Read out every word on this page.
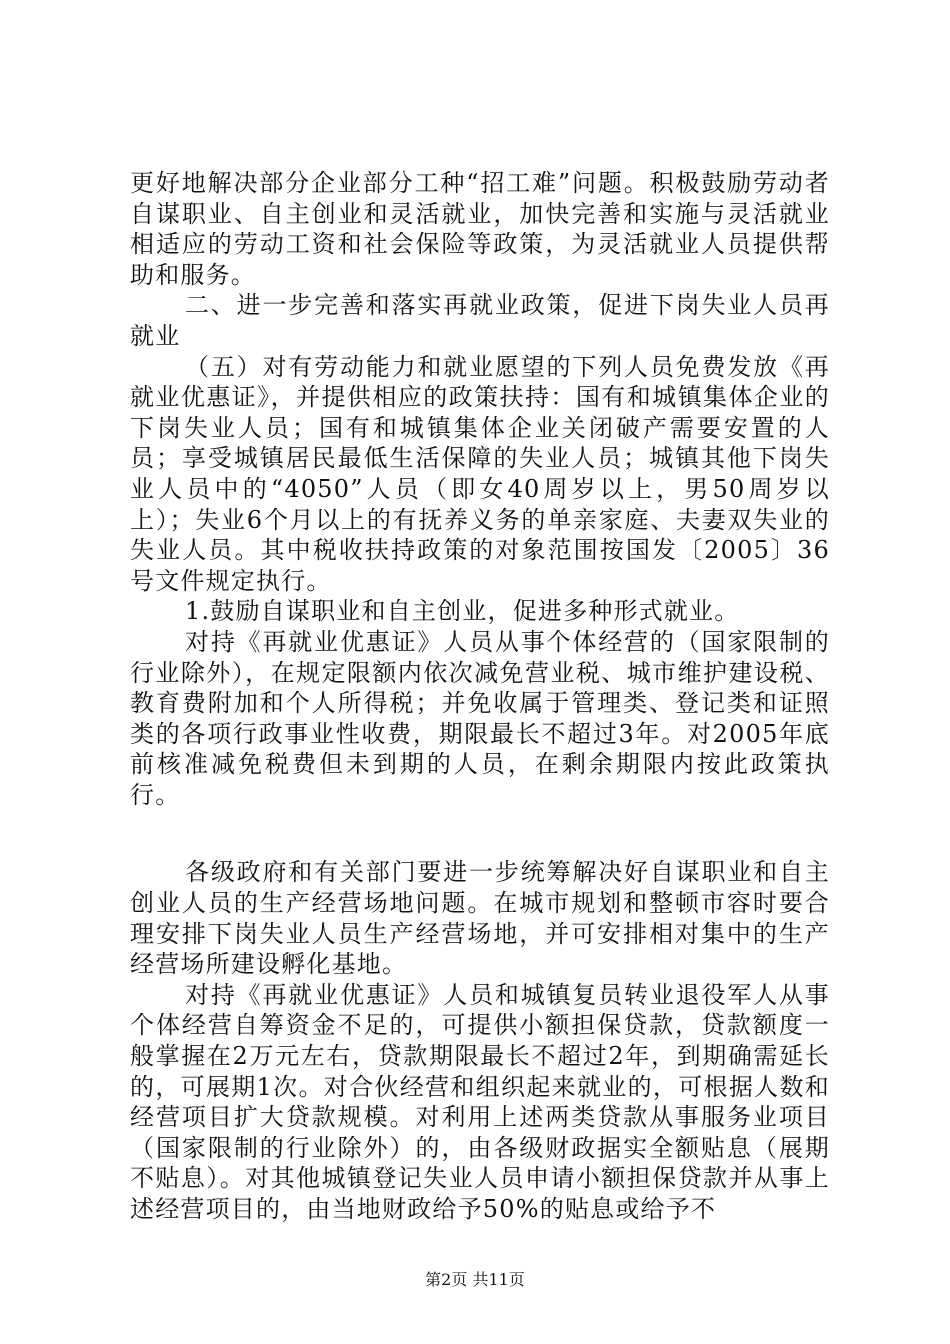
更好地解决部分企业部分工种“招工难”问题。积极鼓励劳动者自谋职业、自主创业和灵活就业，加快完善和实施与灵活就业相适应的劳动工资和社会保险等政策，为灵活就业人员提供帮助和服务。

二、进一步完善和落实再就业政策，促进下岗失业人员再就业

（五）对有劳动能力和就业愿望的下列人员免费发放《再就业优惠证》，并提供相应的政策扶持：国有和城镇集体企业的下岗失业人员；国有和城镇集体企业关闭破产需要安置的人员；享受城镇居民最低生活保障的失业人员；城镇其他下岗失业人员中的“4050”人员（即女40周岁以上，男50周岁以上）；失业6个月以上的有抚养义务的单亲家庭、夫妻双失业的失业人员。其中税收扶持政策的对象范围按国发〔2005〕36号文件规定执行。

1.鼓励自谋职业和自主创业，促进多种形式就业。

对持《再就业优惠证》人员从事个体经营的（国家限制的行业除外），在规定限额内依次减免营业税、城市维护建设税、教育费附加和个人所得税；并免收属于管理类、登记类和证照类的各项行政事业性收费，期限最长不超过3年。对2005年底前核准减免税费但未到期的人员，在剩余期限内按此政策执行。

各级政府和有关部门要进一步统筹解决好自谋职业和自主创业人员的生产经营场地问题。在城市规划和整顿市容时要合理安排下岗失业人员生产经营场地，并可安排相对集中的生产经营场所建设孵化基地。

对持《再就业优惠证》人员和城镇复员转业退役军人从事个体经营自筹资金不足的，可提供小额担保贷款，贷款额度一般掌握在2万元左右，贷款期限最长不超过2年，到期确需延长的，可展期1次。对合伙经营和组织起来就业的，可根据人数和经营项目扩大贷款规模。对利用上述两类贷款从事服务业项目（国家限制的行业除外）的，由各级财政据实全额贴息（展期不贴息）。对其他城镇登记失业人员申请小额担保贷款并从事上述经营项目的，由当地财政给予50%的贴息或给予不

第2页 共11页
